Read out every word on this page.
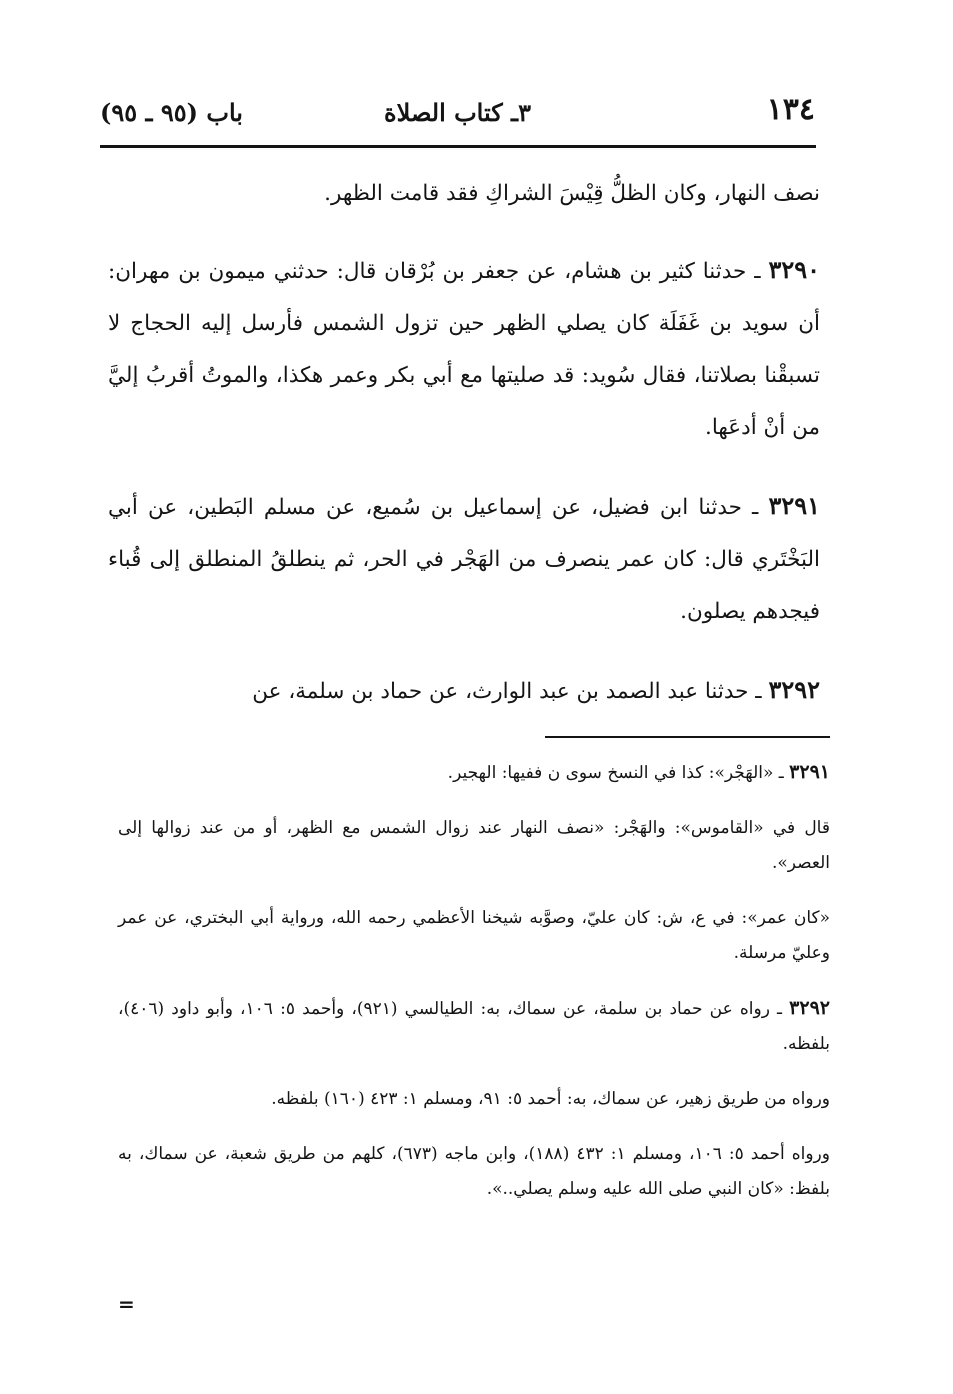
١٣٤
٣ـ كتاب الصلاة
باب (٩٥ ـ ٩٥)

نصف النهار، وكان الظلُّ قِيْسَ الشراكِ فقد قامت الظهر.

٣٢٩٠ ـ حدثنا كثير بن هشام، عن جعفر بن بُرْقان قال: حدثني ميمون بن مهران: أن سويد بن غَفَلَة كان يصلي الظهر حين تزول الشمس فأرسل إليه الحجاج لا تسبقْنا بصلاتنا، فقال سُويد: قد صليتها مع أبي بكر وعمر هكذا، والموتُ أقربُ إليَّ من أنْ أدعَها.

٣٢٩١ ـ حدثنا ابن فضيل، عن إسماعيل بن سُميع، عن مسلم البَطين، عن أبي البَخْتَري قال: كان عمر ينصرف من الهَجْر في الحر، ثم ينطلقُ المنطلق إلى قُباء فيجدهم يصلون.

٣٢٩٢ ـ حدثنا عبد الصمد بن عبد الوارث، عن حماد بن سلمة، عن

٣٢٩١ ـ «الهَجْر»: كذا في النسخ سوى ن ففيها: الهجير.

قال في «القاموس»: والهَجْر: «نصف النهار عند زوال الشمس مع الظهر، أو من عند زوالها إلى العصر».

«كان عمر»: في ع، ش: كان عليّ، وصوَّبه شيخنا الأعظمي رحمه الله، ورواية أبي البختري، عن عمر وعليّ مرسلة.

٣٢٩٢ ـ رواه عن حماد بن سلمة، عن سماك، به: الطيالسي (٩٢١)، وأحمد ٥: ١٠٦، وأبو داود (٤٠٦)، بلفظه.

ورواه من طريق زهير، عن سماك، به: أحمد ٥: ٩١، ومسلم ١: ٤٢٣ (١٦٠) بلفظه.

ورواه أحمد ٥: ١٠٦، ومسلم ١: ٤٣٢ (١٨٨)، وابن ماجه (٦٧٣)، كلهم من طريق شعبة، عن سماك، به بلفظ: «كان النبي صلى الله عليه وسلم يصلي..».

=
